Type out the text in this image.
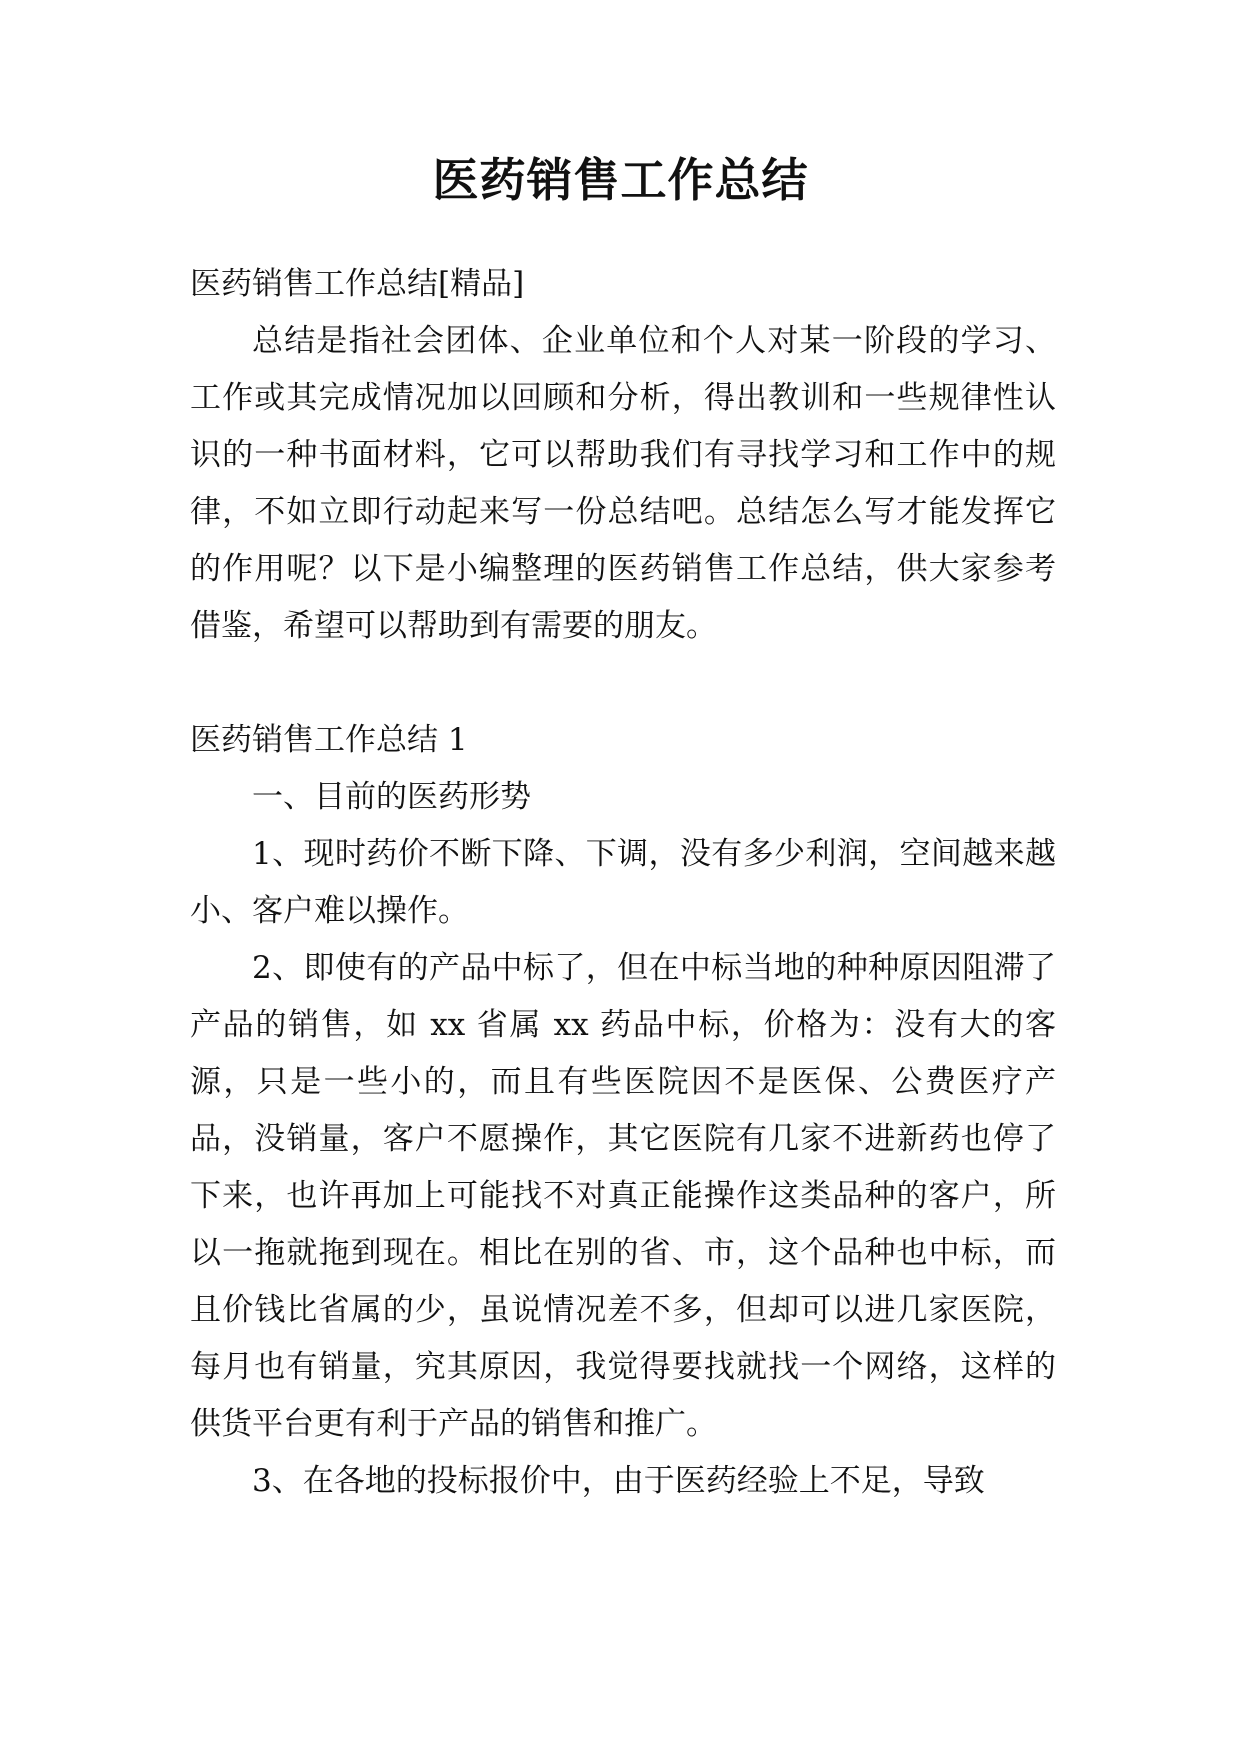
医药销售工作总结

医药销售工作总结[精品]

总结是指社会团体、企业单位和个人对某一阶段的学习、工作或其完成情况加以回顾和分析，得出教训和一些规律性认识的一种书面材料，它可以帮助我们有寻找学习和工作中的规律，不如立即行动起来写一份总结吧。总结怎么写才能发挥它的作用呢？以下是小编整理的医药销售工作总结，供大家参考借鉴，希望可以帮助到有需要的朋友。

医药销售工作总结 1

一、目前的医药形势

1、现时药价不断下降、下调，没有多少利润，空间越来越小、客户难以操作。

2、即使有的产品中标了，但在中标当地的种种原因阻滞了产品的销售，如 xx 省属 xx 药品中标，价格为：没有大的客源，只是一些小的，而且有些医院因不是医保、公费医疗产品，没销量，客户不愿操作，其它医院有几家不进新药也停了下来，也许再加上可能找不对真正能操作这类品种的客户，所以一拖就拖到现在。相比在别的省、市，这个品种也中标，而且价钱比省属的少，虽说情况差不多，但却可以进几家医院，每月也有销量，究其原因，我觉得要找就找一个网络，这样的供货平台更有利于产品的销售和推广。

3、在各地的投标报价中，由于医药经验上不足，导致
